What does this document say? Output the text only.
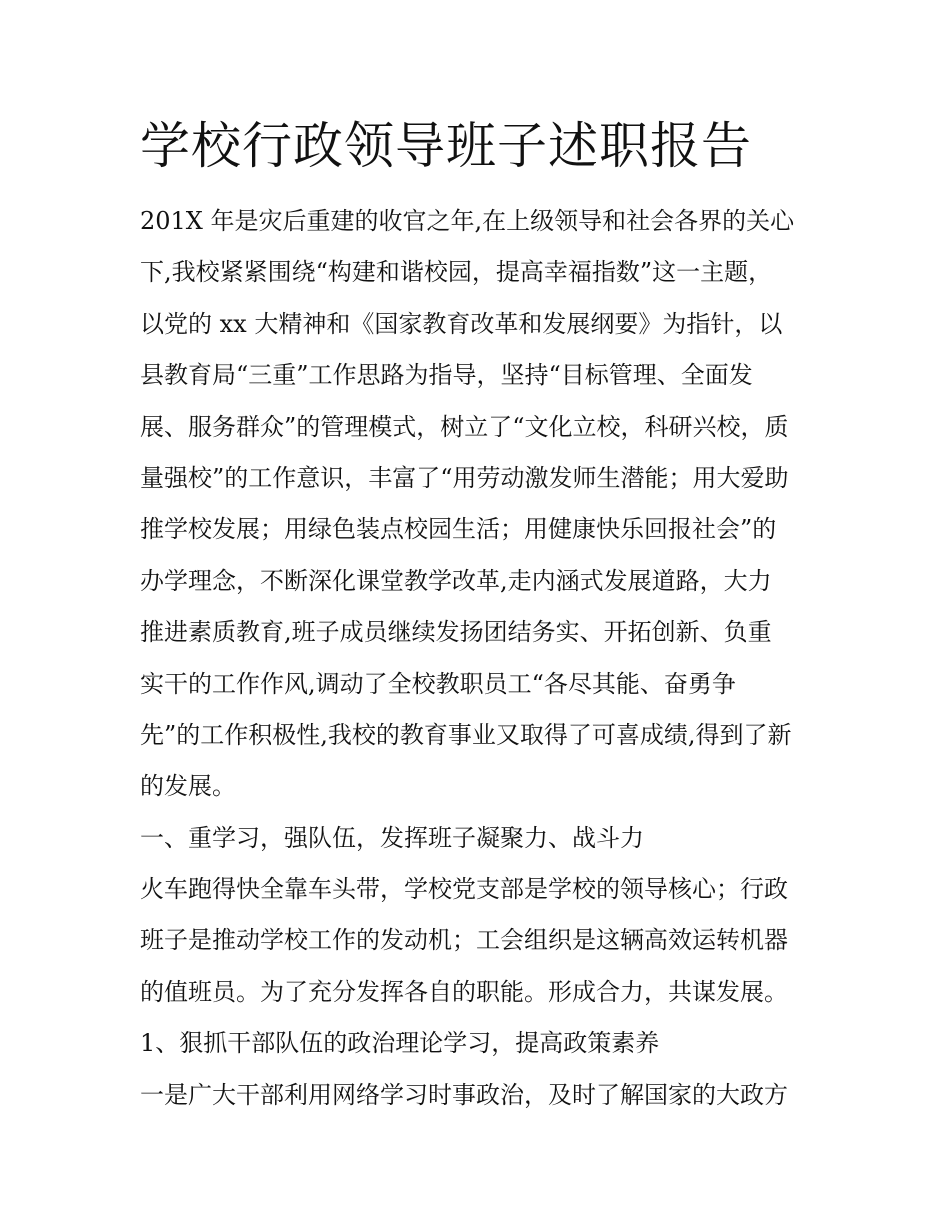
学校行政领导班子述职报告
201X 年是灾后重建的收官之年,在上级领导和社会各界的关心
下,我校紧紧围绕“构建和谐校园，提高幸福指数”这一主题，
以党的 xx 大精神和《国家教育改革和发展纲要》为指针，以
县教育局“三重”工作思路为指导，坚持“目标管理、全面发
展、服务群众”的管理模式，树立了“文化立校，科研兴校，质
量强校”的工作意识，丰富了“用劳动激发师生潜能；用大爱助
推学校发展；用绿色装点校园生活；用健康快乐回报社会”的
办学理念，不断深化课堂教学改革,走内涵式发展道路，大力
推进素质教育,班子成员继续发扬团结务实、开拓创新、负重
实干的工作作风,调动了全校教职员工“各尽其能、奋勇争
先”的工作积极性,我校的教育事业又取得了可喜成绩,得到了新
的发展。
一、重学习，强队伍，发挥班子凝聚力、战斗力
火车跑得快全靠车头带，学校党支部是学校的领导核心；行政
班子是推动学校工作的发动机；工会组织是这辆高效运转机器
的值班员。为了充分发挥各自的职能。形成合力，共谋发展。
1、狠抓干部队伍的政治理论学习，提高政策素养
一是广大干部利用网络学习时事政治，及时了解国家的大政方
